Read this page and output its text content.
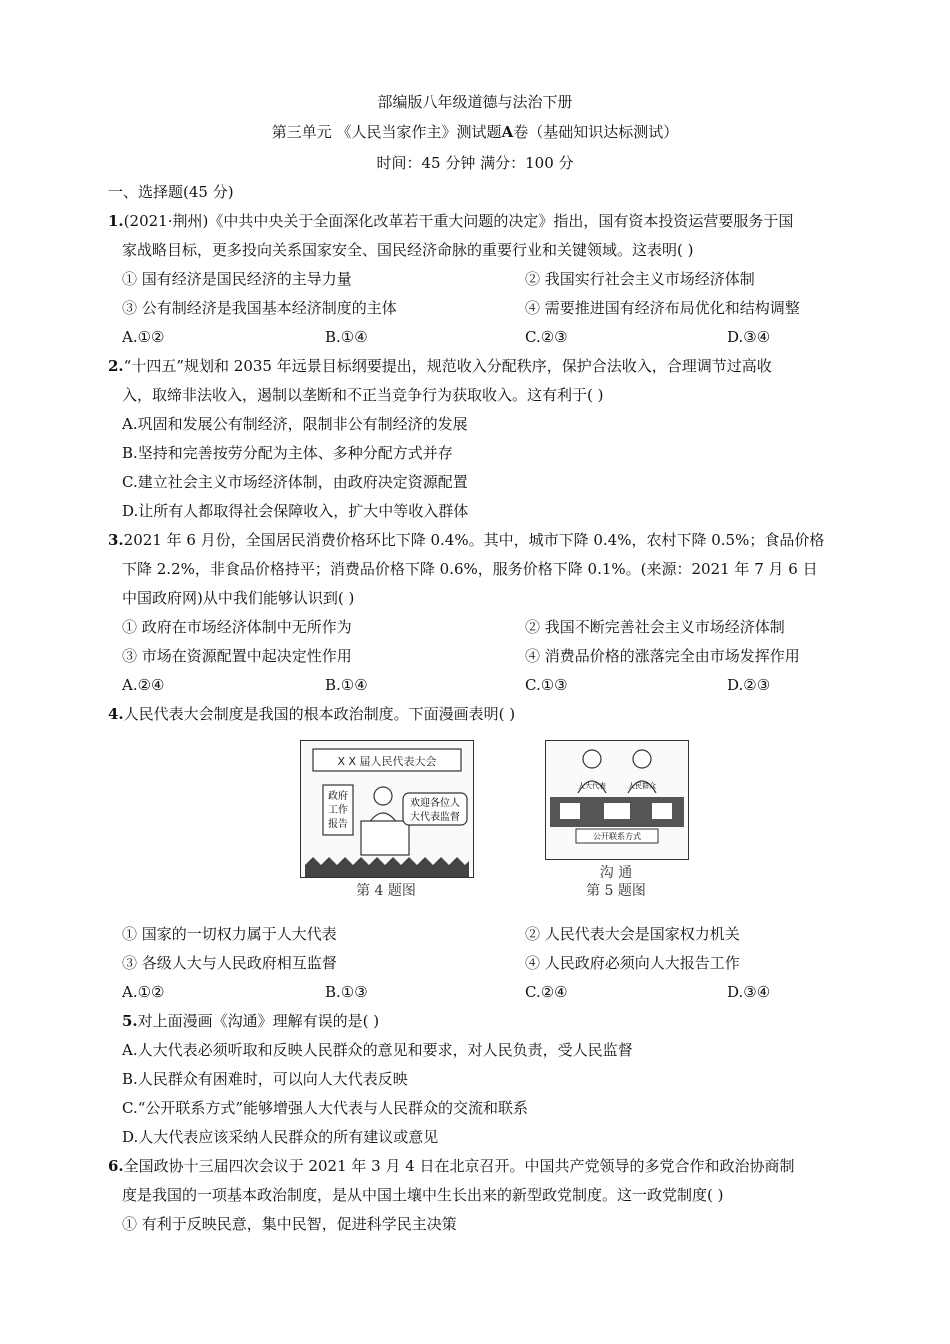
部编版八年级道德与法治下册
第三单元 《人民当家作主》测试题A卷（基础知识达标测试）
时间：45 分钟 满分：100 分
一、选择题(45 分)
1.(2021·荆州)《中共中央关于全面深化改革若干重大问题的决定》指出，国有资本投资运营要服务于国
家战略目标，更多投向关系国家安全、国民经济命脉的重要行业和关键领域。这表明( )
① 国有经济是国民经济的主导力量	② 我国实行社会主义市场经济体制
③ 公有制经济是我国基本经济制度的主体	④ 需要推进国有经济布局优化和结构调整
A.①②	B.①④	C.②③	D.③④
2.“十四五”规划和 2035 年远景目标纲要提出，规范收入分配秩序，保护合法收入，合理调节过高收
入，取缔非法收入，遏制以垄断和不正当竞争行为获取收入。这有利于( )
A.巩固和发展公有制经济，限制非公有制经济的发展
B.坚持和完善按劳分配为主体、多种分配方式并存
C.建立社会主义市场经济体制，由政府决定资源配置
D.让所有人都取得社会保障收入，扩大中等收入群体
3.2021 年 6 月份，全国居民消费价格环比下降 0.4%。其中，城市下降 0.4%，农村下降 0.5%；食品价格
下降 2.2%，非食品价格持平；消费品价格下降 0.6%，服务价格下降 0.1%。(来源：2021 年 7 月 6 日
中国政府网)从中我们能够认识到( )
① 政府在市场经济体制中无所作为	② 我国不断完善社会主义市场经济体制
③ 市场在资源配置中起决定性作用	④ 消费品价格的涨落完全由市场发挥作用
A.②④	B.①④	C.①③	D.②③
4.人民代表大会制度是我国的根本政治制度。下面漫画表明( )
X X 届人民代表大会
政府
工作
报告
欢迎各位人
大代表监督
第 4 题图
人大代表	人民群众
公开联系方式
沟 通
第 5 题图
① 国家的一切权力属于人大代表	② 人民代表大会是国家权力机关
③ 各级人大与人民政府相互监督	④ 人民政府必须向人大报告工作
A.①②	B.①③	C.②④	D.③④
5.对上面漫画《沟通》理解有误的是( )
A.人大代表必须听取和反映人民群众的意见和要求，对人民负责，受人民监督
B.人民群众有困难时，可以向人大代表反映
C.“公开联系方式”能够增强人大代表与人民群众的交流和联系
D.人大代表应该采纳人民群众的所有建议或意见
6.全国政协十三届四次会议于 2021 年 3 月 4 日在北京召开。中国共产党领导的多党合作和政治协商制
度是我国的一项基本政治制度，是从中国土壤中生长出来的新型政党制度。这一政党制度( )
① 有利于反映民意，集中民智，促进科学民主决策
